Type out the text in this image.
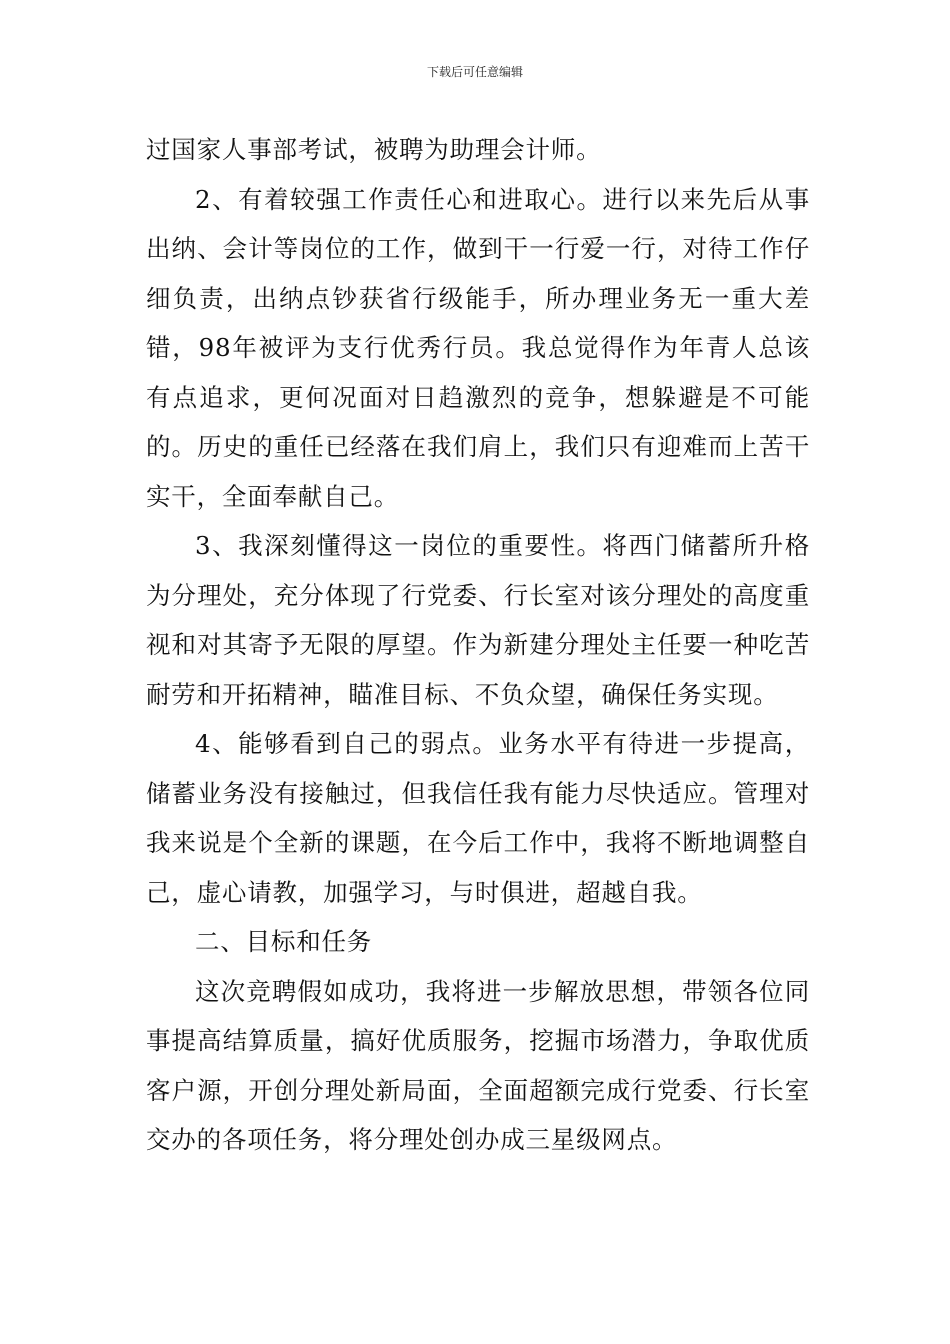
下载后可任意编辑

过国家人事部考试，被聘为助理会计师。

2、有着较强工作责任心和进取心。进行以来先后从事出纳、会计等岗位的工作，做到干一行爱一行，对待工作仔细负责，出纳点钞获省行级能手，所办理业务无一重大差错，98年被评为支行优秀行员。我总觉得作为年青人总该有点追求，更何况面对日趋激烈的竞争，想躲避是不可能的。历史的重任已经落在我们肩上，我们只有迎难而上苦干实干，全面奉献自己。

3、我深刻懂得这一岗位的重要性。将西门储蓄所升格为分理处，充分体现了行党委、行长室对该分理处的高度重视和对其寄予无限的厚望。作为新建分理处主任要一种吃苦耐劳和开拓精神，瞄准目标、不负众望，确保任务实现。

4、能够看到自己的弱点。业务水平有待进一步提高，储蓄业务没有接触过，但我信任我有能力尽快适应。管理对我来说是个全新的课题，在今后工作中，我将不断地调整自己，虚心请教，加强学习，与时俱进，超越自我。

二、目标和任务

这次竞聘假如成功，我将进一步解放思想，带领各位同事提高结算质量，搞好优质服务，挖掘市场潜力，争取优质客户源，开创分理处新局面，全面超额完成行党委、行长室交办的各项任务，将分理处创办成三星级网点。
